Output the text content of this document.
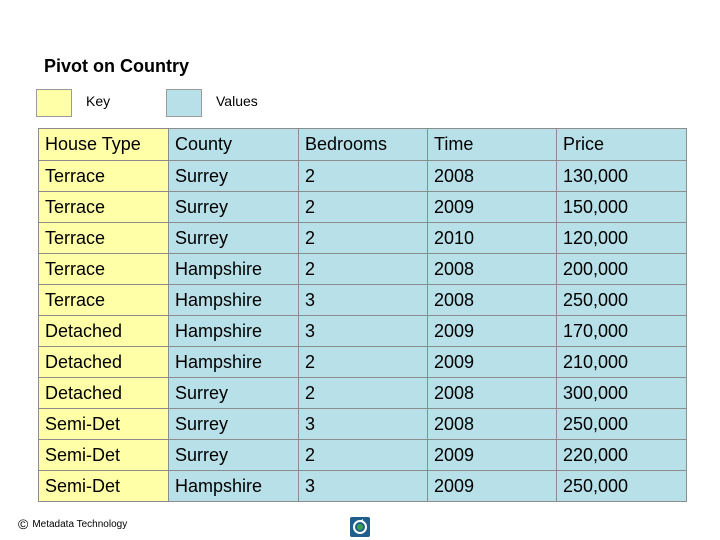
Pivot on Country
Key	Values
House Type	County	Bedrooms	Time	Price
Terrace	Surrey	2	2008	130,000
Terrace	Surrey	2	2009	150,000
Terrace	Surrey	2	2010	120,000
Terrace	Hampshire	2	2008	200,000
Terrace	Hampshire	3	2008	250,000
Detached	Hampshire	3	2009	170,000
Detached	Hampshire	2	2009	210,000
Detached	Surrey	2	2008	300,000
Semi-Det	Surrey	3	2008	250,000
Semi-Det	Surrey	2	2009	220,000
Semi-Det	Hampshire	3	2009	250,000
© Metadata Technology
